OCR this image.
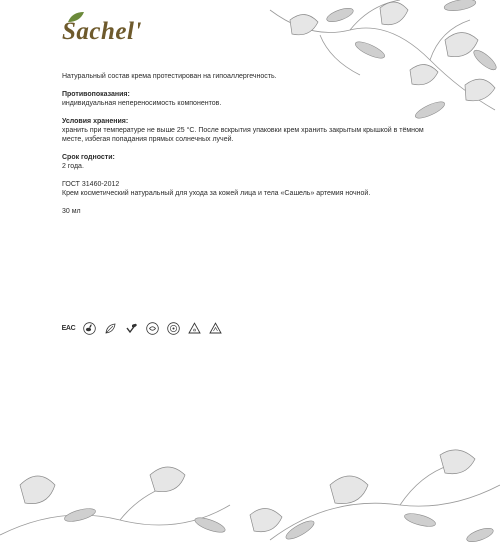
Sachel'

Натуральный состав крема протестирован на гипоаллергечность.

Противопоказания:

индивидуальная непереносимость компонентов.

Условия хранения:

хранить при температуре не выше 25 °С. После вскрытия упаковки крем хранить закрытым крышкой в тёмном месте, избегая попадания прямых солнечных лучей.

Срок годности:

2 года.

ГОСТ 31460-2012

Крем косметический натуральный для ухода за кожей лица и тела «Сашель» артемия ночной.

30 мл

EAC	♻
